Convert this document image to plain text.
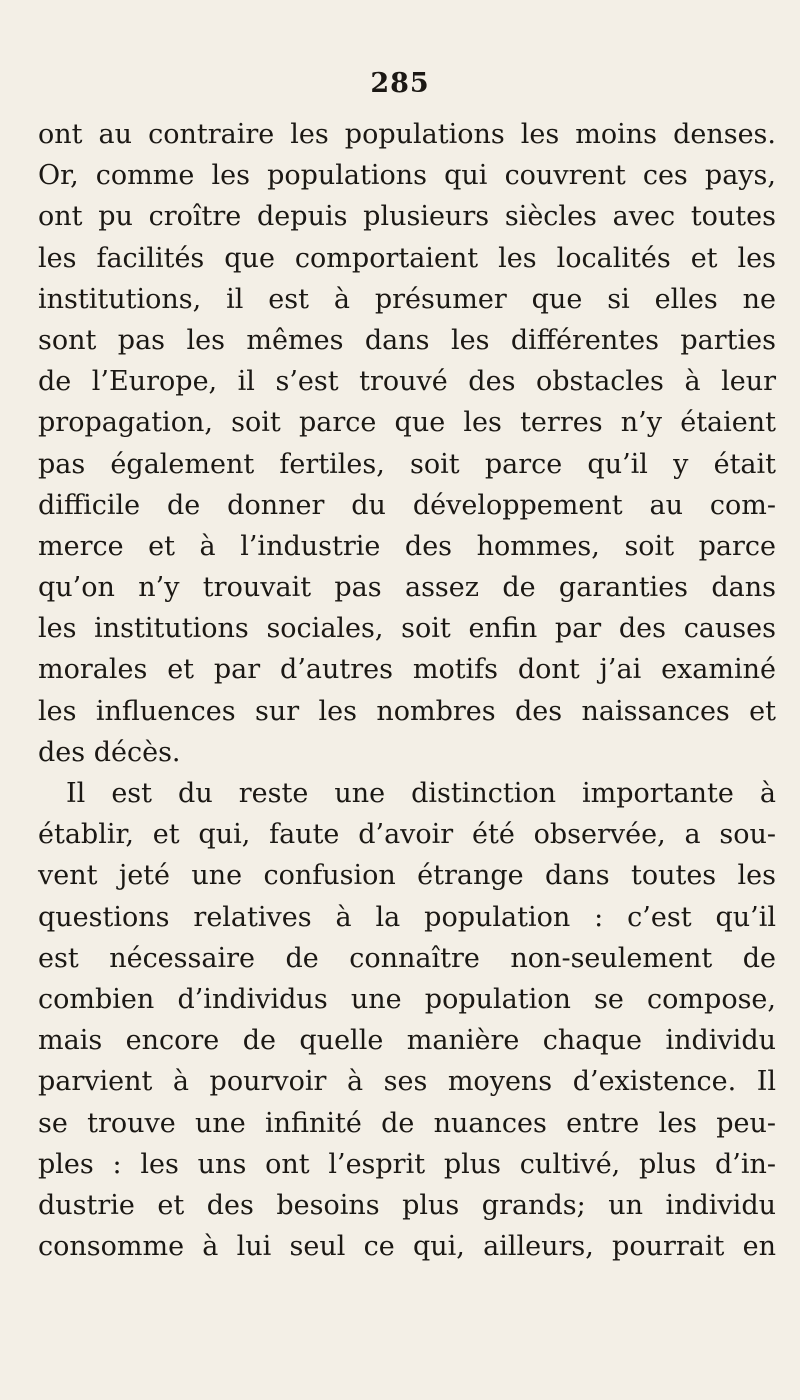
285
ont au contraire les populations les moins denses.
Or, comme les populations qui couvrent ces pays,
ont pu croître depuis plusieurs siècles avec toutes
les facilités que comportaient les localités et les
institutions, il est à présumer que si elles ne
sont pas les mêmes dans les différentes parties
de l’Europe, il s’est trouvé des obstacles à leur
propagation, soit parce que les terres n’y étaient
pas également fertiles, soit parce qu’il y était
difficile de donner du développement au com-
merce et à l’industrie des hommes, soit parce
qu’on n’y trouvait pas assez de garanties dans
les institutions sociales, soit enfin par des causes
morales et par d’autres motifs dont j’ai examiné
les influences sur les nombres des naissances et
des décès.
Il est du reste une distinction importante à
établir, et qui, faute d’avoir été observée, a sou-
vent jeté une confusion étrange dans toutes les
questions relatives à la population : c’est qu’il
est nécessaire de connaître non-seulement de
combien d’individus une population se compose,
mais encore de quelle manière chaque individu
parvient à pourvoir à ses moyens d’existence. Il
se trouve une infinité de nuances entre les peu-
ples : les uns ont l’esprit plus cultivé, plus d’in-
dustrie et des besoins plus grands; un individu
consomme à lui seul ce qui, ailleurs, pourrait en
